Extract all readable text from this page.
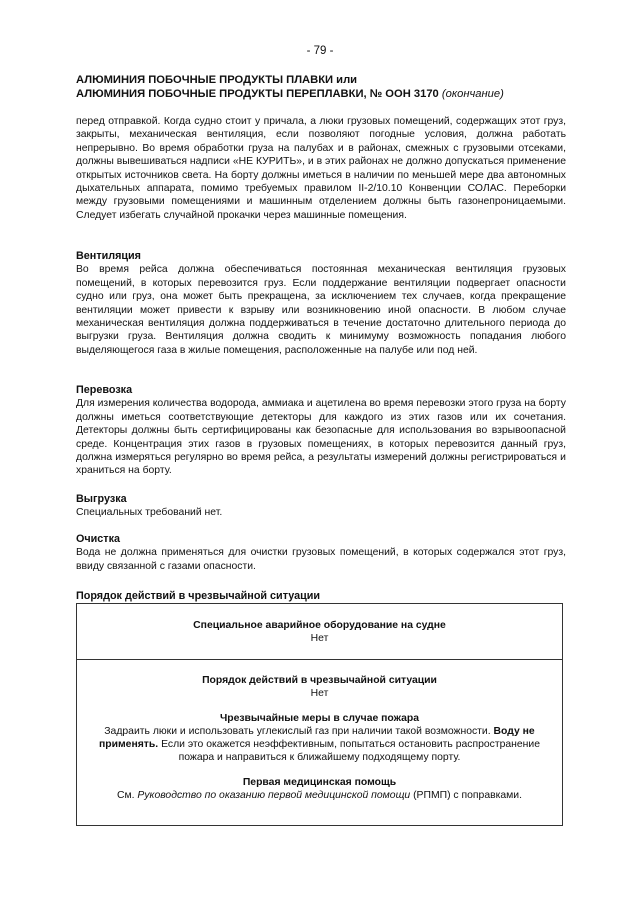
- 79 -
АЛЮМИНИЯ ПОБОЧНЫЕ ПРОДУКТЫ ПЛАВКИ или
АЛЮМИНИЯ ПОБОЧНЫЕ ПРОДУКТЫ ПЕРЕПЛАВКИ, № ООН 3170 (окончание)

перед отправкой. Когда судно стоит у причала, а люки грузовых помещений, содержащих этот груз, закрыты, механическая вентиляция, если позволяют погодные условия, должна работать непрерывно. Во время обработки груза на палубах и в районах, смежных с грузовыми отсеками, должны вывешиваться надписи «НЕ КУРИТЬ», и в этих районах не должно допускаться применение открытых источников света. На борту должны иметься в наличии по меньшей мере два автономных дыхательных аппарата, помимо требуемых правилом II-2/10.10 Конвенции СОЛАС. Переборки между грузовыми помещениями и машинным отделением должны быть газонепроницаемыми. Следует избегать случайной прокачки через машинные помещения.

Вентиляция

Во время рейса должна обеспечиваться постоянная механическая вентиляция грузовых помещений, в которых перевозится груз. Если поддержание вентиляции подвергает опасности судно или груз, она может быть прекращена, за исключением тех случаев, когда прекращение вентиляции может привести к взрыву или возникновению иной опасности. В любом случае механическая вентиляция должна поддерживаться в течение достаточно длительного периода до выгрузки груза. Вентиляция должна сводить к минимуму возможность попадания любого выделяющегося газа в жилые помещения, расположенные на палубе или под ней.

Перевозка

Для измерения количества водорода, аммиака и ацетилена во время перевозки этого груза на борту должны иметься соответствующие детекторы для каждого из этих газов или их сочетания. Детекторы должны быть сертифицированы как безопасные для использования во взрывоопасной среде. Концентрация этих газов в грузовых помещениях, в которых перевозится данный груз, должна измеряться регулярно во время рейса, а результаты измерений должны регистрироваться и храниться на борту.

Выгрузка

Специальных требований нет.

Очистка

Вода не должна применяться для очистки грузовых помещений, в которых содержался этот груз, ввиду связанной с газами опасности.

Порядок действий в чрезвычайной ситуации
Специальное аварийное оборудование на судне
Нет
Порядок действий в чрезвычайной ситуации
Нет
Чрезвычайные меры в случае пожара
Задраить люки и использовать углекислый газ при наличии такой возможности. Воду не применять. Если это окажется неэффективным, попытаться остановить распространение пожара и направиться к ближайшему подходящему порту.
Первая медицинская помощь
См. Руководство по оказанию первой медицинской помощи (РПМП) с поправками.
